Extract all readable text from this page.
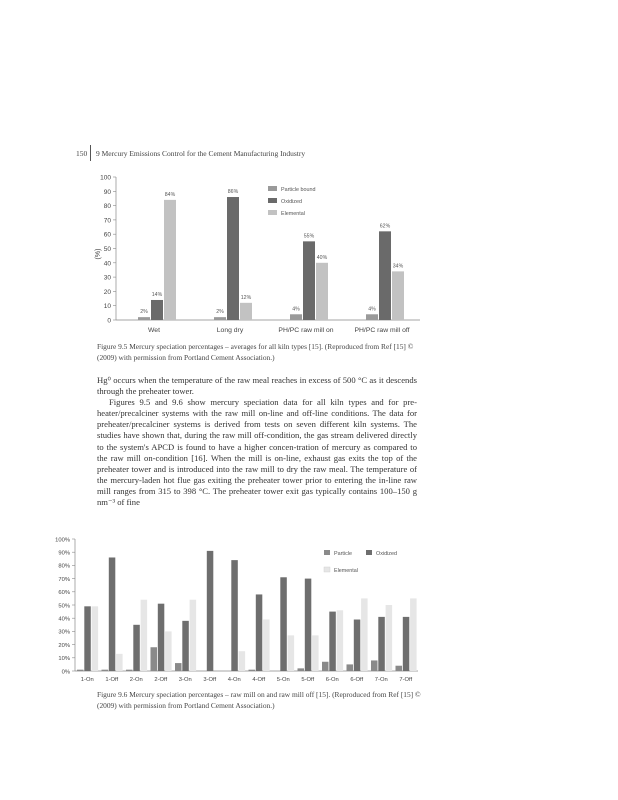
150 9 Mercury Emissions Control for the Cement Manufacturing Industry
0
10
20
30
40
50
60
70
80
90
100
(%)
2%
14%
84%
Wet
2%
86%
12%
Long dry
4%
55%
40%
PH/PC raw mill on
4%
62%
34%
PH/PC raw mill off
Particle bound
Oxidized
Elemental
Figure 9.5 Mercury speciation percentages – averages for all kiln types [15]. (Reproduced from Ref [15] © (2009) with permission from Portland Cement Association.)

Hg⁰ occurs when the temperature of the raw meal reaches in excess of 500 °C as it descends through the preheater tower.

Figures 9.5 and 9.6 show mercury speciation data for all kiln types and for pre-heater/precalciner systems with the raw mill on-line and off-line conditions. The data for preheater/precalciner systems is derived from tests on seven different kiln systems. The studies have shown that, during the raw mill off-condition, the gas stream delivered directly to the system's APCD is found to have a higher concen-tration of mercury as compared to the raw mill on-condition [16]. When the mill is on-line, exhaust gas exits the top of the preheater tower and is introduced into the raw mill to dry the raw meal. The temperature of the mercury-laden hot flue gas exiting the preheater tower prior to entering the in-line raw mill ranges from 315 to 398 °C. The preheater tower exit gas typically contains 100–150 g nm⁻³ of fine

0%
10%
20%
30%
40%
50%
60%
70%
80%
90%
100%
1-On 1-Off 2-On 2-Off 3-On 3-Off 4-On 4-Off 5-On 5-Off 6-On 6-Off 7-On 7-Off
Particle	Oxidized
Elemental
Figure 9.6 Mercury speciation percentages – raw mill on and raw mill off [15]. (Reproduced from Ref [15] © (2009) with permission from Portland Cement Association.)
